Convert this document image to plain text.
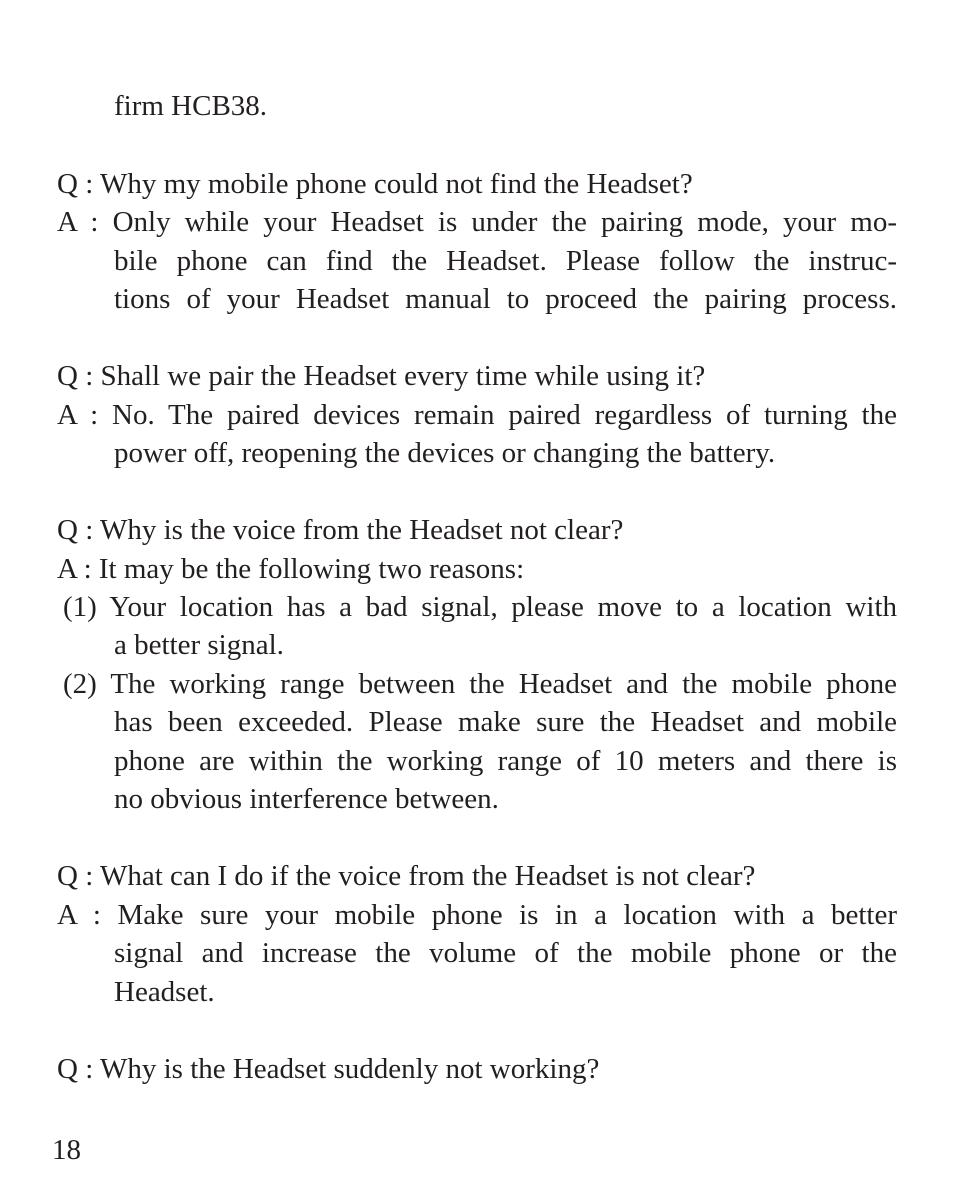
firm HCB38.
Q : Why my mobile phone could not find the Headset?
A : Only while your Headset is under the pairing mode, your mo-
bile phone can find the Headset. Please follow the instruc-
tions of your Headset manual to proceed the pairing process.
Q : Shall we pair the Headset every time while using it?
A : No. The paired devices remain paired regardless of turning the
power off, reopening the devices or changing the battery.
Q : Why is the voice from the Headset not clear?
A : It may be the following two reasons:
(1) Your location has a bad signal, please move to a location with
a better signal.
(2) The working range between the Headset and the mobile phone
has been exceeded. Please make sure the Headset and mobile
phone are within the working range of 10 meters and there is
no obvious interference between.
Q : What can I do if the voice from the Headset is not clear?
A : Make sure your mobile phone is in a location with a better
signal and increase the volume of the mobile phone or the
Headset.
Q : Why is the Headset suddenly not working?
18
